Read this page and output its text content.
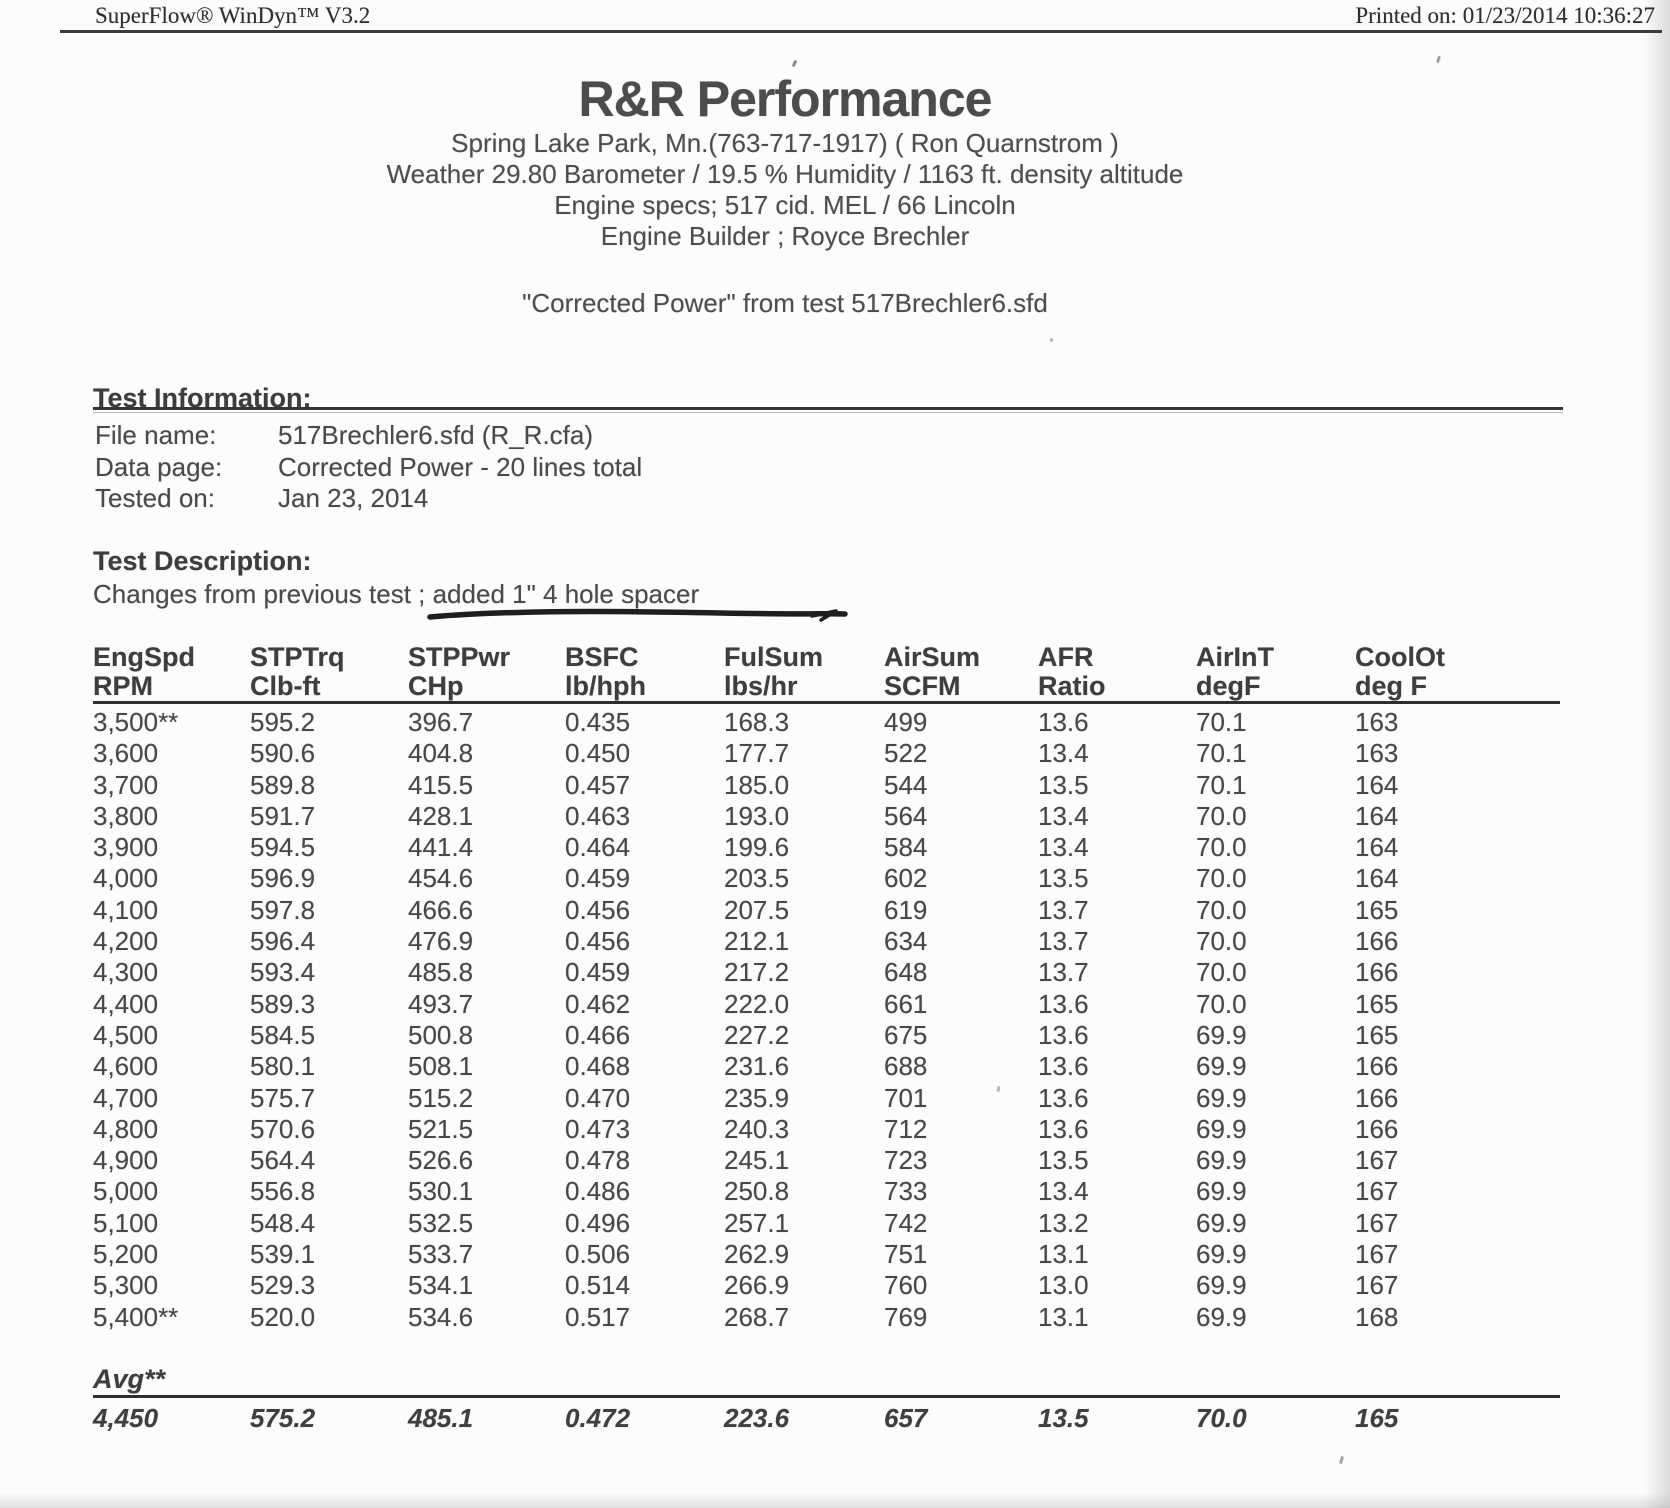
SuperFlow® WinDyn™ V3.2	Printed on: 01/23/2014 10:36:27
R&R Performance
Spring Lake Park, Mn.(763-717-1917) ( Ron Quarnstrom )
Weather 29.80 Barometer / 19.5 % Humidity / 1163 ft. density altitude
Engine specs; 517 cid. MEL / 66 Lincoln
Engine Builder ; Royce Brechler
"Corrected Power" from test 517Brechler6.sfd
Test Information:
File name:	517Brechler6.sfd (R_R.cfa)
Data page:	Corrected Power - 20 lines total
Tested on:	Jan 23, 2014
Test Description:
Changes from previous test ; added 1" 4 hole spacer
EngSpd	STPTrq	STPPwr	BSFC	FulSum	AirSum	AFR	AirInT	CoolOt
RPM	Clb-ft	CHp	lb/hph	lbs/hr	SCFM	Ratio	degF	deg F
3,500**	595.2	396.7	0.435	168.3	499	13.6	70.1	163
3,600	590.6	404.8	0.450	177.7	522	13.4	70.1	163
3,700	589.8	415.5	0.457	185.0	544	13.5	70.1	164
3,800	591.7	428.1	0.463	193.0	564	13.4	70.0	164
3,900	594.5	441.4	0.464	199.6	584	13.4	70.0	164
4,000	596.9	454.6	0.459	203.5	602	13.5	70.0	164
4,100	597.8	466.6	0.456	207.5	619	13.7	70.0	165
4,200	596.4	476.9	0.456	212.1	634	13.7	70.0	166
4,300	593.4	485.8	0.459	217.2	648	13.7	70.0	166
4,400	589.3	493.7	0.462	222.0	661	13.6	70.0	165
4,500	584.5	500.8	0.466	227.2	675	13.6	69.9	165
4,600	580.1	508.1	0.468	231.6	688	13.6	69.9	166
4,700	575.7	515.2	0.470	235.9	701	13.6	69.9	166
4,800	570.6	521.5	0.473	240.3	712	13.6	69.9	166
4,900	564.4	526.6	0.478	245.1	723	13.5	69.9	167
5,000	556.8	530.1	0.486	250.8	733	13.4	69.9	167
5,100	548.4	532.5	0.496	257.1	742	13.2	69.9	167
5,200	539.1	533.7	0.506	262.9	751	13.1	69.9	167
5,300	529.3	534.1	0.514	266.9	760	13.0	69.9	167
5,400**	520.0	534.6	0.517	268.7	769	13.1	69.9	168
Avg**
4,450	575.2	485.1	0.472	223.6	657	13.5	70.0	165
